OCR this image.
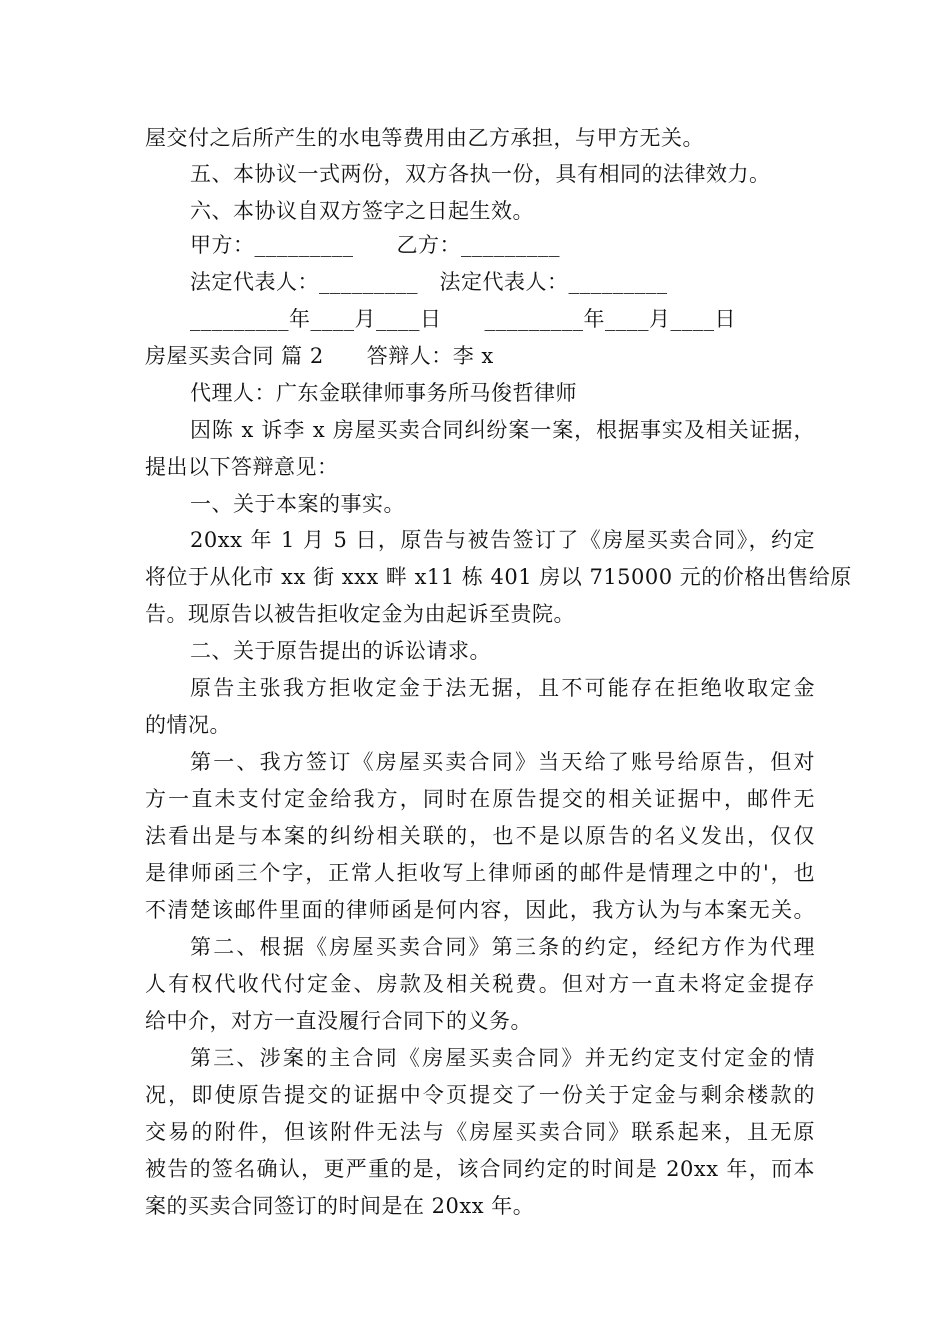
屋交付之后所产生的水电等费用由乙方承担，与甲方无关。
五、本协议一式两份，双方各执一份，具有相同的法律效力。
六、本协议自双方签字之日起生效。
甲方：_________　　乙方：_________
法定代表人：_________　法定代表人：_________
_________年____月____日　　_________年____月____日
房屋买卖合同 篇 2　　答辩人：李 x
代理人：广东金联律师事务所马俊哲律师
因陈 x 诉李 x 房屋买卖合同纠纷案一案，根据事实及相关证据，
提出以下答辩意见：
一、关于本案的事实。
20xx 年 1 月 5 日，原告与被告签订了《房屋买卖合同》，约定
将位于从化市 xx 街 xxx 畔 x11 栋 401 房以 715000 元的价格出售给原
告。现原告以被告拒收定金为由起诉至贵院。
二、关于原告提出的诉讼请求。
原告主张我方拒收定金于法无据，且不可能存在拒绝收取定金
的情况。
第一、我方签订《房屋买卖合同》当天给了账号给原告，但对
方一直未支付定金给我方，同时在原告提交的相关证据中，邮件无
法看出是与本案的纠纷相关联的，也不是以原告的名义发出，仅仅
是律师函三个字，正常人拒收写上律师函的邮件是情理之中的'，也
不清楚该邮件里面的律师函是何内容，因此，我方认为与本案无关。
第二、根据《房屋买卖合同》第三条的约定，经纪方作为代理
人有权代收代付定金、房款及相关税费。但对方一直未将定金提存
给中介，对方一直没履行合同下的义务。
第三、涉案的主合同《房屋买卖合同》并无约定支付定金的情
况，即使原告提交的证据中令页提交了一份关于定金与剩余楼款的
交易的附件，但该附件无法与《房屋买卖合同》联系起来，且无原
被告的签名确认，更严重的是，该合同约定的时间是 20xx 年，而本
案的买卖合同签订的时间是在 20xx 年。
